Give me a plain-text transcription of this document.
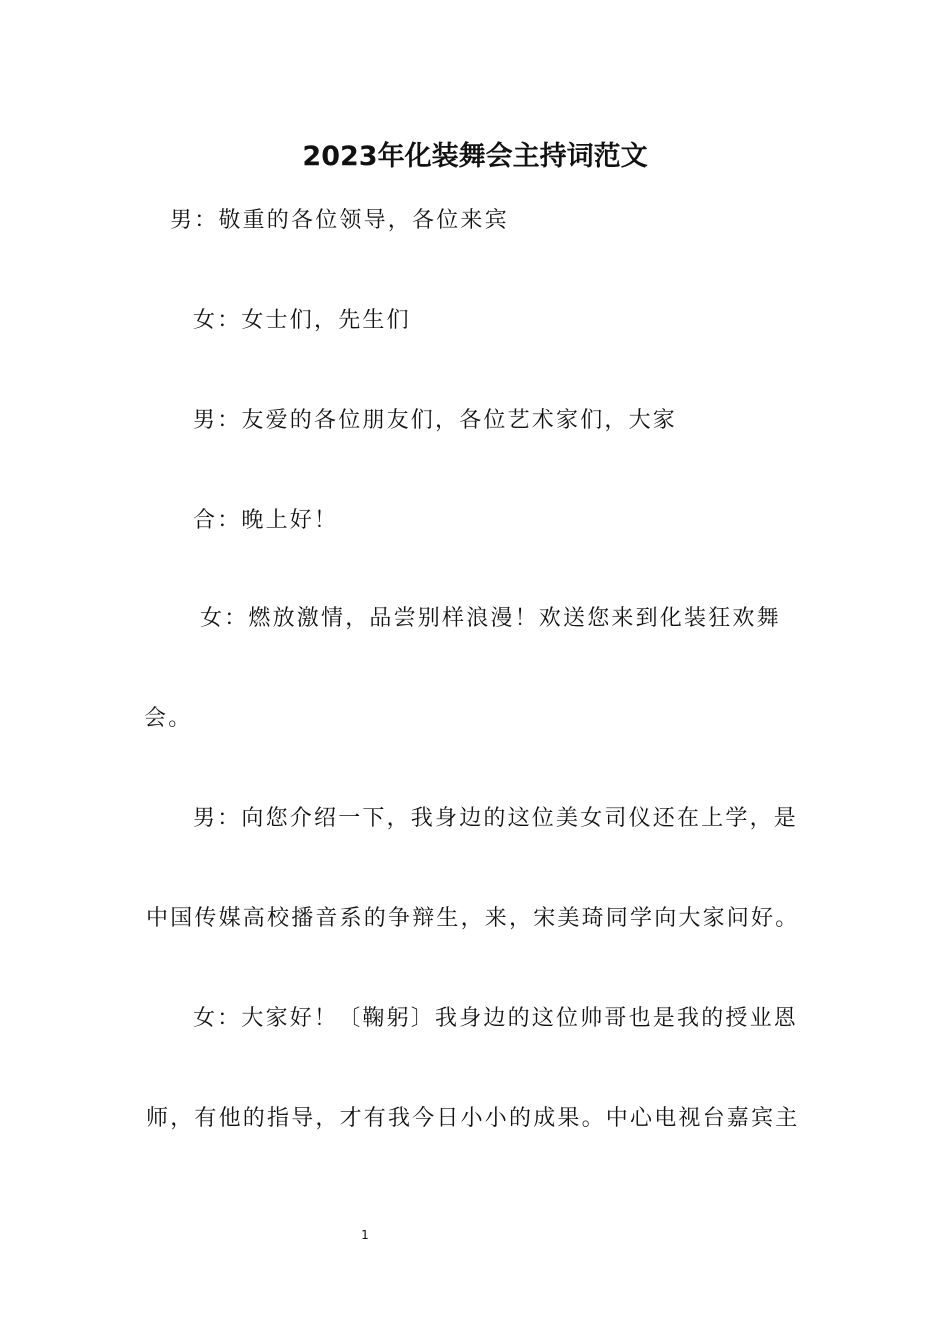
2023年化装舞会主持词范文

男：敬重的各位领导，各位来宾

女：女士们，先生们

男：友爱的各位朋友们，各位艺术家们，大家

合：晚上好！

女：燃放激情，品尝别样浪漫！欢送您来到化装狂欢舞

会。

男：向您介绍一下，我身边的这位美女司仪还在上学，是

中国传媒高校播音系的争辩生，来，宋美琦同学向大家问好。

女：大家好！〔鞠躬〕我身边的这位帅哥也是我的授业恩

师，有他的指导，才有我今日小小的成果。中心电视台嘉宾主

1
